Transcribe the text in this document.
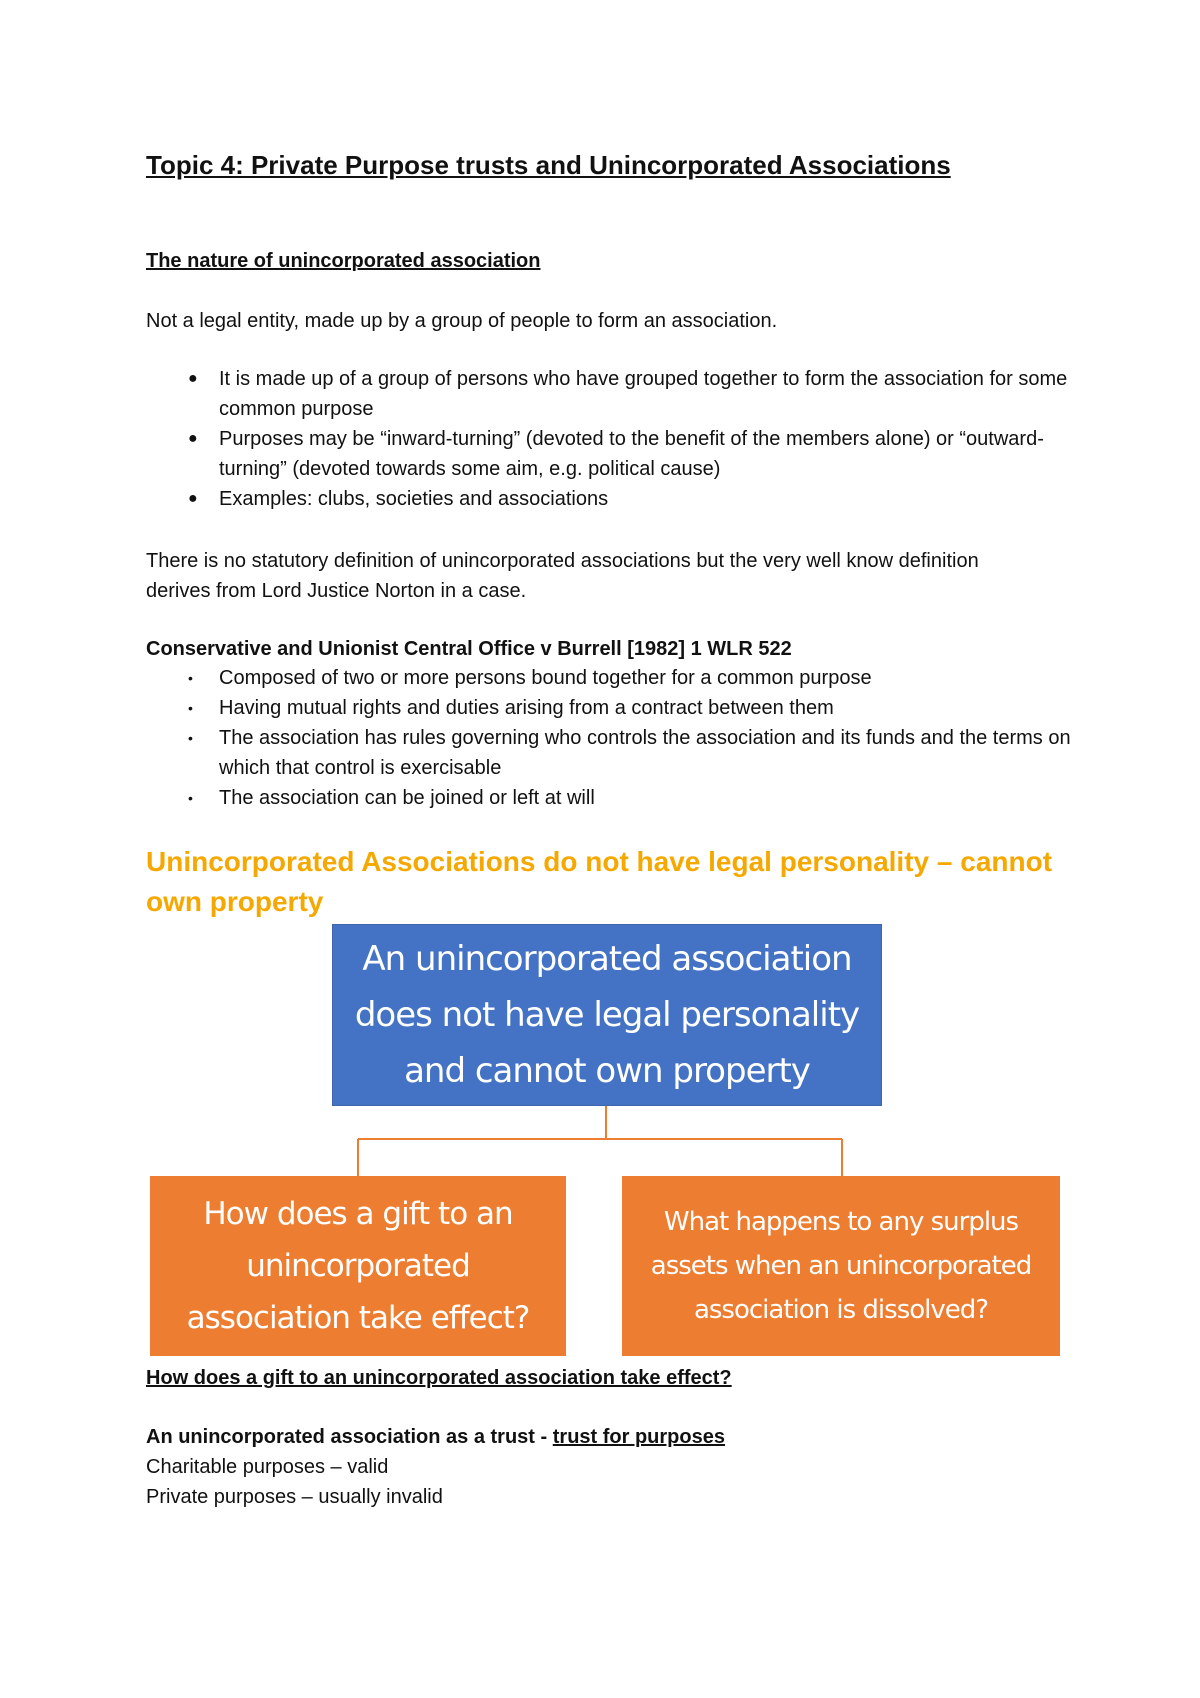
Topic 4: Private Purpose trusts and Unincorporated Associations
The nature of unincorporated association
Not a legal entity, made up by a group of people to form an association.
● It is made up of a group of persons who have grouped together to form the association for some common purpose
● Purposes may be “inward-turning” (devoted to the benefit of the members alone) or “outward-turning” (devoted towards some aim, e.g. political cause)
● Examples: clubs, societies and associations
There is no statutory definition of unincorporated associations but the very well know definition derives from Lord Justice Norton in a case.
Conservative and Unionist Central Office v Burrell [1982] 1 WLR 522
• Composed of two or more persons bound together for a common purpose
• Having mutual rights and duties arising from a contract between them
• The association has rules governing who controls the association and its funds and the terms on which that control is exercisable
• The association can be joined or left at will
Unincorporated Associations do not have legal personality – cannot own property
An unincorporated association does not have legal personality and cannot own property
How does a gift to an unincorporated association take effect?
What happens to any surplus assets when an unincorporated association is dissolved?
How does a gift to an unincorporated association take effect?
An unincorporated association as a trust - trust for purposes
Charitable purposes – valid
Private purposes – usually invalid
